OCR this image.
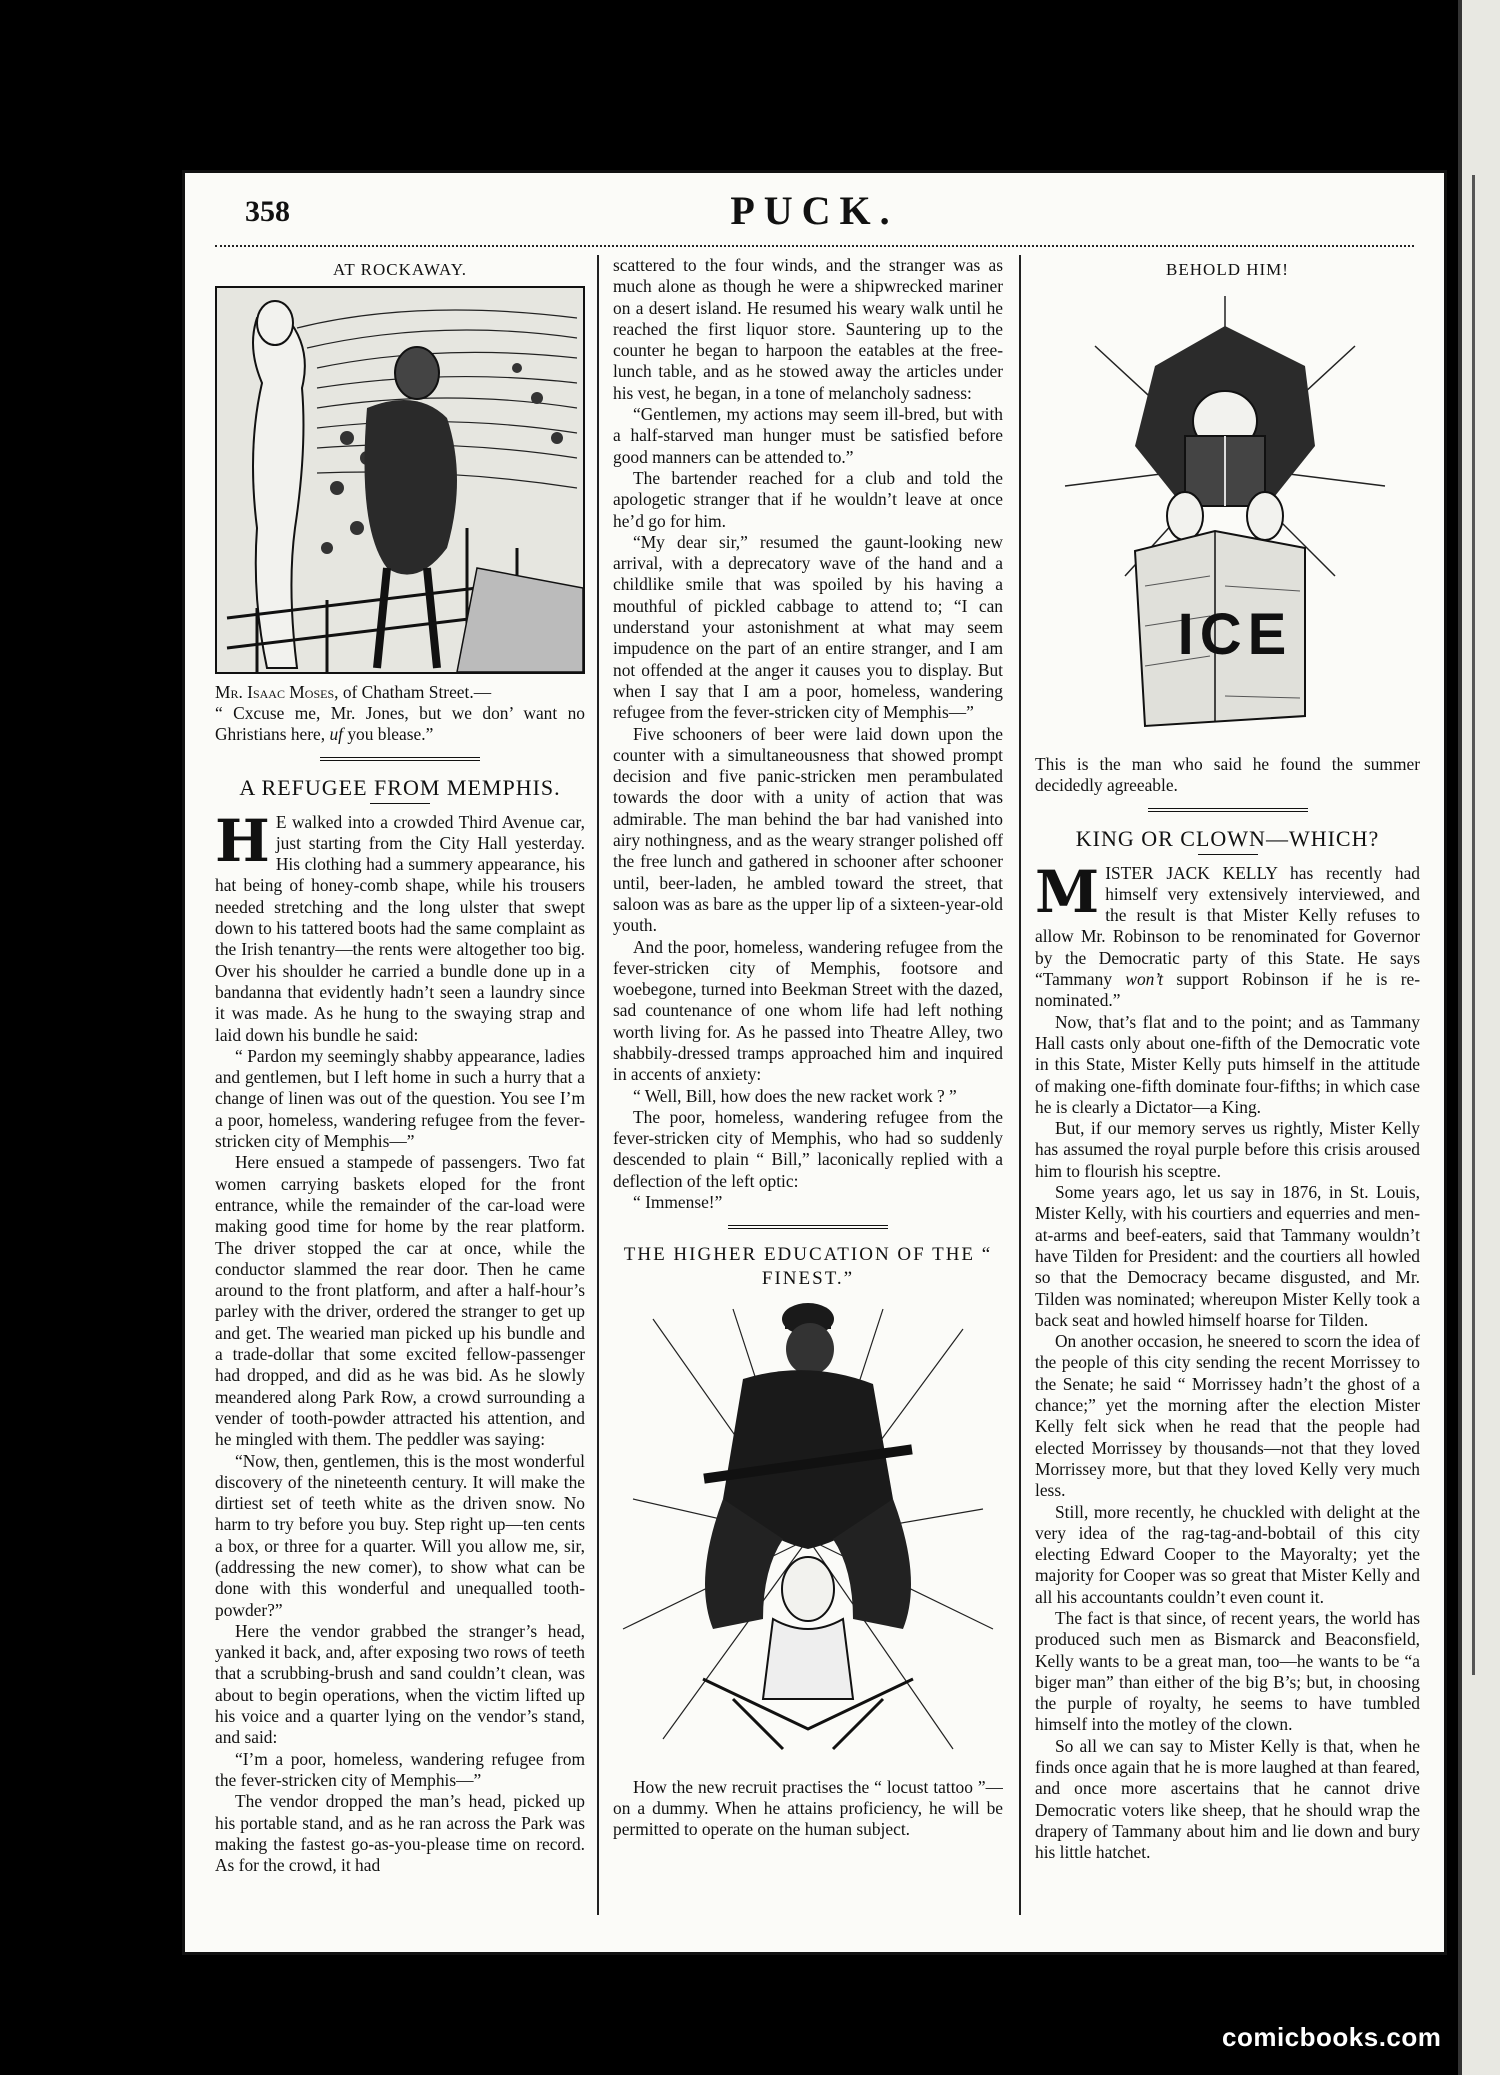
358	PUCK.
AT ROCKAWAY.

Mr. Isaac Moses, of Chatham Street.—
“ Cxcuse me, Mr. Jones, but we don’ want no Ghristians here, uf you blease.”

A REFUGEE FROM MEMPHIS.

H E walked into a crowded Third Avenue car, just starting from the City Hall yesterday. His clothing had a summery appearance, his hat being of honey-comb shape, while his trousers needed stretching and the long ulster that swept down to his tattered boots had the same complaint as the Irish tenantry—the rents were altogether too big. Over his shoulder he carried a bundle done up in a bandanna that evidently hadn’t seen a laundry since it was made. As he hung to the swaying strap and laid down his bundle he said:

“ Pardon my seemingly shabby appearance, ladies and gentlemen, but I left home in such a hurry that a change of linen was out of the question. You see I’m a poor, homeless, wandering refugee from the fever-stricken city of Memphis—”

Here ensued a stampede of passengers. Two fat women carrying baskets eloped for the front entrance, while the remainder of the car-load were making good time for home by the rear platform. The driver stopped the car at once, while the conductor slammed the rear door. Then he came around to the front platform, and after a half-hour’s parley with the driver, ordered the stranger to get up and get. The wearied man picked up his bundle and a trade-dollar that some excited fellow-passenger had dropped, and did as he was bid. As he slowly meandered along Park Row, a crowd surrounding a vender of tooth-powder attracted his attention, and he mingled with them. The peddler was saying:

“Now, then, gentlemen, this is the most wonderful discovery of the nineteenth century. It will make the dirtiest set of teeth white as the driven snow. No harm to try before you buy. Step right up—ten cents a box, or three for a quarter. Will you allow me, sir, (addressing the new comer), to show what can be done with this wonderful and unequalled tooth-powder?”

Here the vendor grabbed the stranger’s head, yanked it back, and, after exposing two rows of teeth that a scrubbing-brush and sand couldn’t clean, was about to begin operations, when the victim lifted up his voice and a quarter lying on the vendor’s stand, and said:

“I’m a poor, homeless, wandering refugee from the fever-stricken city of Memphis—”

The vendor dropped the man’s head, picked up his portable stand, and as he ran across the Park was making the fastest go-as-you-please time on record. As for the crowd, it had

scattered to the four winds, and the stranger was as much alone as though he were a shipwrecked mariner on a desert island. He resumed his weary walk until he reached the first liquor store. Sauntering up to the counter he began to harpoon the eatables at the free-lunch table, and as he stowed away the articles under his vest, he began, in a tone of melancholy sadness:

“Gentlemen, my actions may seem ill-bred, but with a half-starved man hunger must be satisfied before good manners can be attended to.”

The bartender reached for a club and told the apologetic stranger that if he wouldn’t leave at once he’d go for him.

“My dear sir,” resumed the gaunt-looking new arrival, with a deprecatory wave of the hand and a childlike smile that was spoiled by his having a mouthful of pickled cabbage to attend to; “I can understand your astonishment at what may seem impudence on the part of an entire stranger, and I am not offended at the anger it causes you to display. But when I say that I am a poor, homeless, wandering refugee from the fever-stricken city of Memphis—”

Five schooners of beer were laid down upon the counter with a simultaneousness that showed prompt decision and five panic-stricken men perambulated towards the door with a unity of action that was admirable. The man behind the bar had vanished into airy nothingness, and as the weary stranger polished off the free lunch and gathered in schooner after schooner until, beer-laden, he ambled toward the street, that saloon was as bare as the upper lip of a sixteen-year-old youth.

And the poor, homeless, wandering refugee from the fever-stricken city of Memphis, footsore and woebegone, turned into Beekman Street with the dazed, sad countenance of one whom life had left nothing worth living for. As he passed into Theatre Alley, two shabbily-dressed tramps approached him and inquired in accents of anxiety:

“ Well, Bill, how does the new racket work ? ”

The poor, homeless, wandering refugee from the fever-stricken city of Memphis, who had so suddenly descended to plain “ Bill,” laconically replied with a deflection of the left optic:

“ Immense!”

THE HIGHER EDUCATION OF THE “ FINEST.”

How the new recruit practises the “ locust tattoo ”—on a dummy. When he attains proficiency, he will be permitted to operate on the human subject.

BEHOLD HIM!
ICE

This is the man who said he found the summer decidedly agreeable.

KING OR CLOWN—WHICH?

MISTER JACK KELLY has recently had himself very extensively interviewed, and the result is that Mister Kelly refuses to allow Mr. Robinson to be renominated for Governor by the Democratic party of this State. He says “Tammany won’t support Robinson if he is re-nominated.”

Now, that’s flat and to the point; and as Tammany Hall casts only about one-fifth of the Democratic vote in this State, Mister Kelly puts himself in the attitude of making one-fifth dominate four-fifths; in which case he is clearly a Dictator—a King.

But, if our memory serves us rightly, Mister Kelly has assumed the royal purple before this crisis aroused him to flourish his sceptre.

Some years ago, let us say in 1876, in St. Louis, Mister Kelly, with his courtiers and equerries and men-at-arms and beef-eaters, said that Tammany wouldn’t have Tilden for President: and the courtiers all howled so that the Democracy became disgusted, and Mr. Tilden was nominated; whereupon Mister Kelly took a back seat and howled himself hoarse for Tilden.

On another occasion, he sneered to scorn the idea of the people of this city sending the recent Morrissey to the Senate; he said “ Morrissey hadn’t the ghost of a chance;” yet the morning after the election Mister Kelly felt sick when he read that the people had elected Morrissey by thousands—not that they loved Morrissey more, but that they loved Kelly very much less.

Still, more recently, he chuckled with delight at the very idea of the rag-tag-and-bobtail of this city electing Edward Cooper to the Mayoralty; yet the majority for Cooper was so great that Mister Kelly and all his accountants couldn’t even count it.

The fact is that since, of recent years, the world has produced such men as Bismarck and Beaconsfield, Kelly wants to be a great man, too—he wants to be “a biger man” than either of the big B’s; but, in choosing the purple of royalty, he seems to have tumbled himself into the motley of the clown.

So all we can say to Mister Kelly is that, when he finds once again that he is more laughed at than feared, and once more ascertains that he cannot drive Democratic voters like sheep, that he should wrap the drapery of Tammany about him and lie down and bury his little hatchet.

comicbooks.com
